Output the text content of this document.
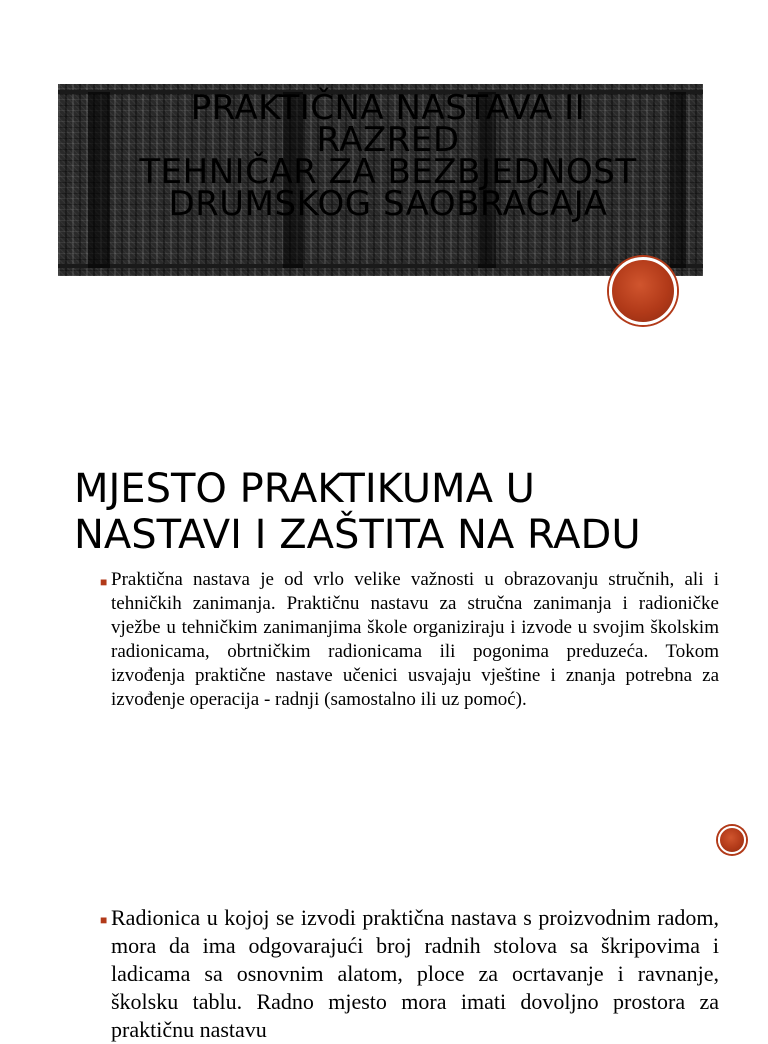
PRAKTIČNA NASTAVA II
RAZRED
TEHNIČAR ZA BEZBJEDNOST
DRUMSKOG SAOBRAĆAJA
MJESTO PRAKTIKUMA U NASTAVI I ZAŠTITA NA RADU
■ Praktična nastava je od vrlo velike važnosti u obrazovanju stručnih, ali i tehničkih zanimanja. Praktičnu nastavu za stručna zanimanja i radioničke vježbe u tehničkim zanimanjima škole organiziraju i izvode u svojim školskim radionicama, obrtničkim radionicama ili pogonima preduzeća. Tokom izvođenja praktične nastave učenici usvajaju vještine i znanja potrebna za izvođenje operacija - radnji (samostalno ili uz pomoć).
■ Radionica u kojoj se izvodi praktična nastava s proizvodnim radom, mora da ima odgovarajući broj radnih stolova sa škripovima i ladicama sa osnovnim alatom, ploce za ocrtavanje i ravnanje, školsku tablu. Radno mjesto mora imati dovoljno prostora za praktičnu nastavu
